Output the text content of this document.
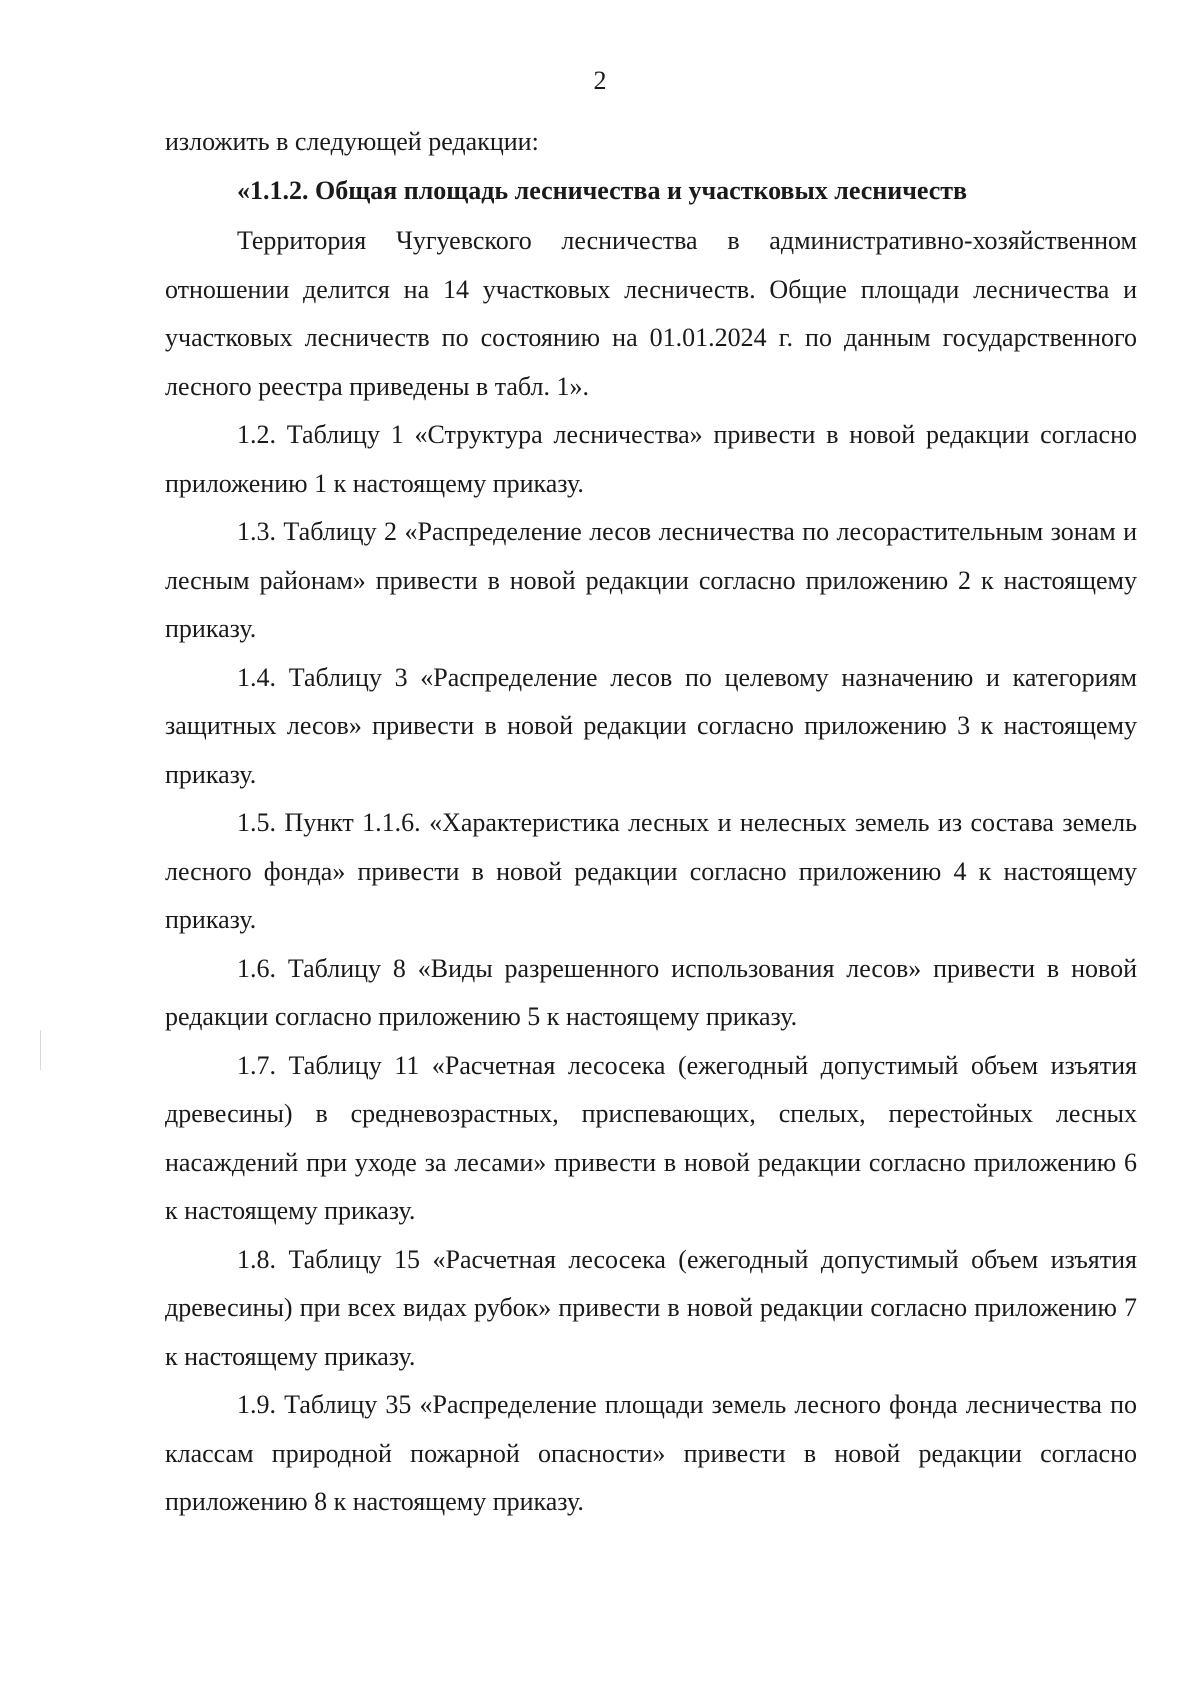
2

изложить в следующей редакции:

«1.1.2. Общая площадь лесничества и участковых лесничеств

Территория Чугуевского лесничества в административно-хозяйственном отношении делится на 14 участковых лесничеств. Общие площади лесничества и участковых лесничеств по состоянию на 01.01.2024 г. по данным государственного лесного реестра приведены в табл. 1».

1.2. Таблицу 1 «Структура лесничества» привести в новой редакции согласно приложению 1 к настоящему приказу.

1.3. Таблицу 2 «Распределение лесов лесничества по лесорастительным зонам и лесным районам» привести в новой редакции согласно приложению 2 к настоящему приказу.

1.4. Таблицу 3 «Распределение лесов по целевому назначению и категориям защитных лесов» привести в новой редакции согласно приложению 3 к настоящему приказу.

1.5. Пункт 1.1.6. «Характеристика лесных и нелесных земель из состава земель лесного фонда» привести в новой редакции согласно приложению 4 к настоящему приказу.

1.6. Таблицу 8 «Виды разрешенного использования лесов» привести в новой редакции согласно приложению 5 к настоящему приказу.

1.7. Таблицу 11 «Расчетная лесосека (ежегодный допустимый объем изъятия древесины) в средневозрастных, приспевающих, спелых, перестойных лесных насаждений при уходе за лесами» привести в новой редакции согласно приложению 6 к настоящему приказу.

1.8. Таблицу 15 «Расчетная лесосека (ежегодный допустимый объем изъятия древесины) при всех видах рубок» привести в новой редакции согласно приложению 7 к настоящему приказу.

1.9. Таблицу 35 «Распределение площади земель лесного фонда лесничества по классам природной пожарной опасности» привести в новой редакции согласно приложению 8 к настоящему приказу.
